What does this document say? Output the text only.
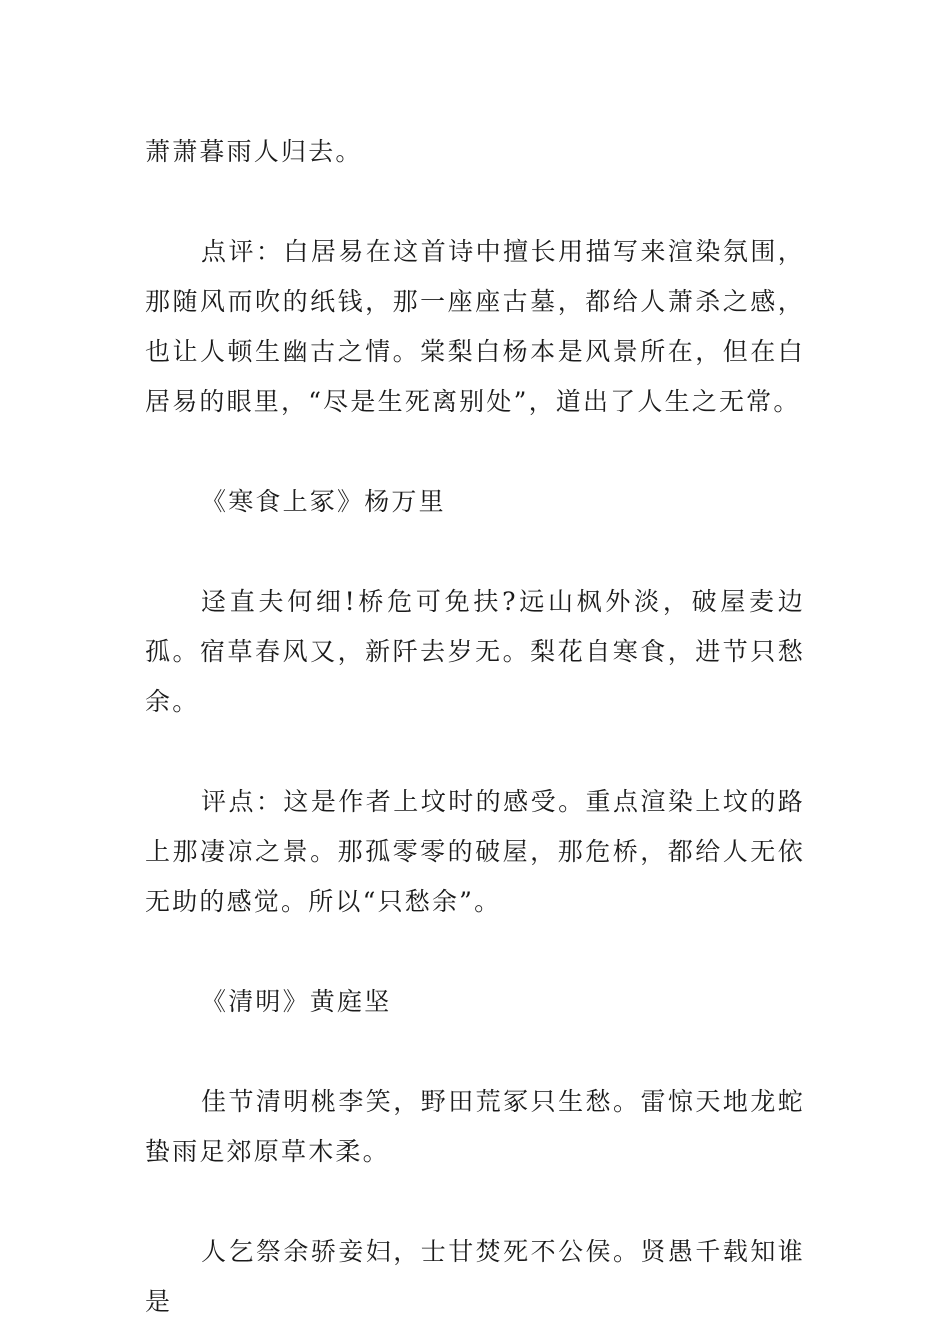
萧萧暮雨人归去。

点评：白居易在这首诗中擅长用描写来渲染氛围，那随风而吹的纸钱，那一座座古墓，都给人萧杀之感，也让人顿生幽古之情。棠梨白杨本是风景所在，但在白居易的眼里，“尽是生死离别处”，道出了人生之无常。

《寒食上冢》杨万里

迳直夫何细!桥危可免扶?远山枫外淡，破屋麦边孤。宿草春风又，新阡去岁无。梨花自寒食，进节只愁余。

评点：这是作者上坟时的感受。重点渲染上坟的路上那凄凉之景。那孤零零的破屋，那危桥，都给人无依无助的感觉。所以“只愁余”。

《清明》黄庭坚

佳节清明桃李笑，野田荒冢只生愁。雷惊天地龙蛇蛰雨足郊原草木柔。

人乞祭余骄妾妇，士甘焚死不公侯。贤愚千载知谁是
